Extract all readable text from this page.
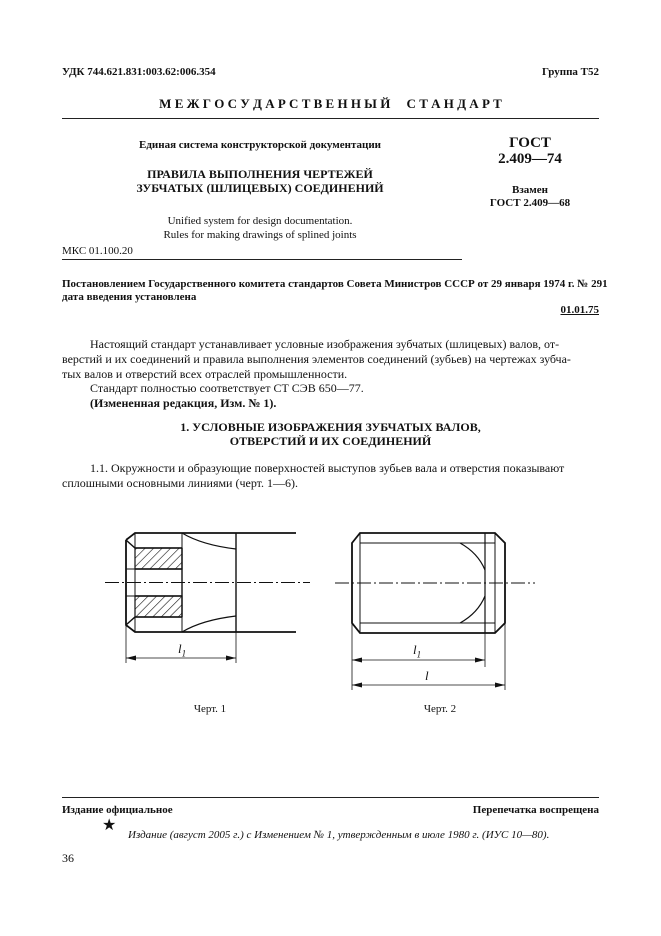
УДК 744.621.831:003.62:006.354	Группа Т52
М Е Ж Г О С У Д А Р С Т В Е Н Н Ы Й     С Т А Н Д А Р Т
Единая система конструкторской документации
ПРАВИЛА ВЫПОЛНЕНИЯ ЧЕРТЕЖЕЙ
ЗУБЧАТЫХ (ШЛИЦЕВЫХ) СОЕДИНЕНИЙ
Unified system for design documentation.
Rules for making drawings of splined joints
МКС 01.100.20
ГОСТ
2.409—74
Взамен
ГОСТ 2.409—68
Постановлением Государственного комитета стандартов Совета Министров СССР от 29 января 1974 г. № 291
дата введения установлена
01.01.75
Настоящий стандарт устанавливает условные изображения зубчатых (шлицевых) валов, от-
верстий и их соединений и правила выполнения элементов соединений (зубьев) на чертежах зубча-
тых валов и отверстий всех отраслей промышленности.
Стандарт полностью соответствует СТ СЭВ 650—77.
(Измененная редакция, Изм. № 1).
1. УСЛОВНЫЕ ИЗОБРАЖЕНИЯ ЗУБЧАТЫХ ВАЛОВ,
ОТВЕРСТИЙ И ИХ СОЕДИНЕНИЙ
1.1. Окружности и образующие поверхностей выступов зубьев вала и отверстия показывают
сплошными основными линиями (черт. 1—6).
$l_1$
Черт. 1
$l_1$
l
Черт. 2
Издание официальное	Перепечатка воспрещена
★
Издание (август 2005 г.) с Изменением № 1, утвержденным в июле 1980 г. (ИУС 10—80).
36
